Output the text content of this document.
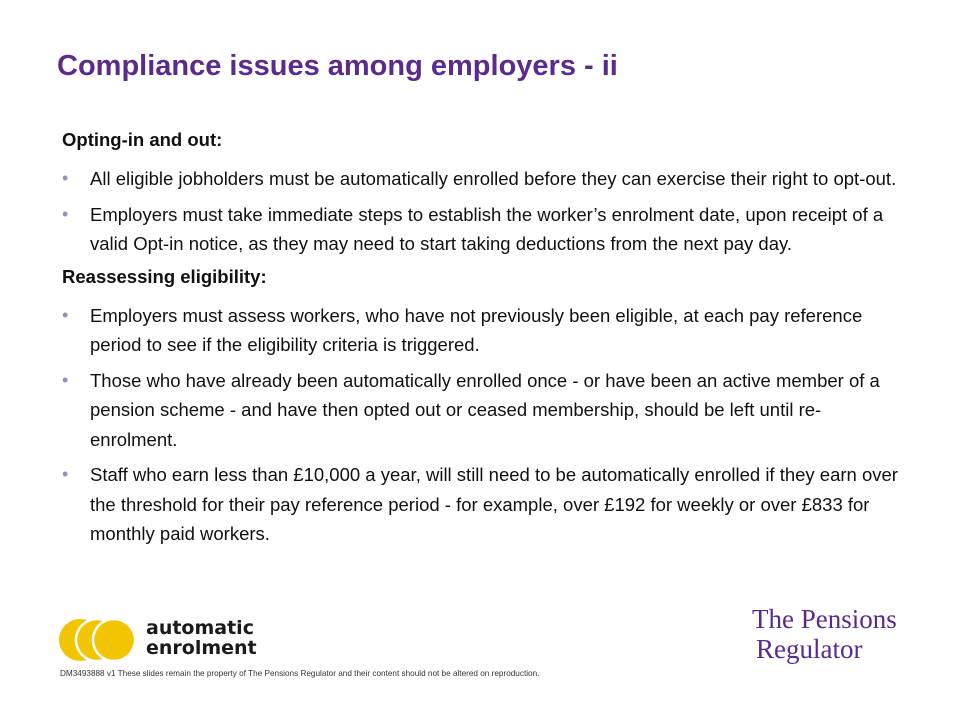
Compliance issues among employers - ii
Opting-in and out:
• All eligible jobholders must be automatically enrolled before they can exercise their right to opt-out.
• Employers must take immediate steps to establish the worker’s enrolment date, upon receipt of a valid Opt-in notice, as they may need to start taking deductions from the next pay day.
Reassessing eligibility:
• Employers must assess workers, who have not previously been eligible, at each pay reference period to see if the eligibility criteria is triggered.
• Those who have already been automatically enrolled once - or have been an active member of a pension scheme - and have then opted out or ceased membership, should be left until re-enrolment.
• Staff who earn less than £10,000 a year, will still need to be automatically enrolled if they earn over the threshold for their pay reference period - for example, over £192 for weekly or over £833 for monthly paid workers.
automatic
enrolment
The Pensions
Regulator
DM3493888 v1 These slides remain the property of The Pensions Regulator and their content should not be altered on reproduction.
